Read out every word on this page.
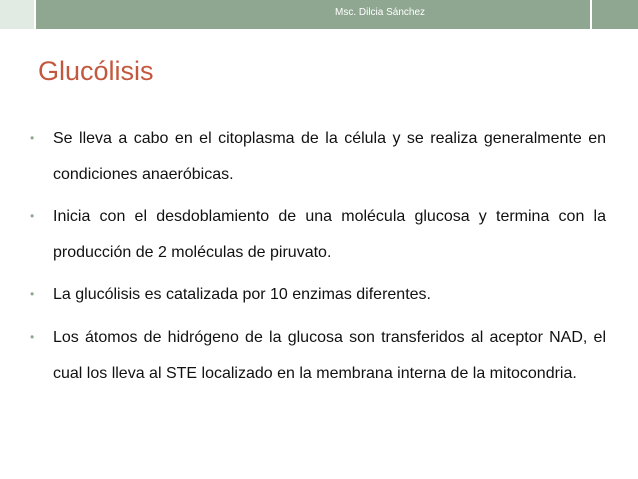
Msc. Dilcia Sánchez
Glucólisis
• Se lleva a cabo en el citoplasma de la célula y se realiza generalmente en condiciones anaeróbicas.
• Inicia con el desdoblamiento de una molécula glucosa y termina con la producción de 2 moléculas de piruvato.
• La glucólisis es catalizada por 10 enzimas diferentes.
• Los átomos de hidrógeno de la glucosa son transferidos al aceptor NAD, el cual los lleva al STE localizado en la membrana interna de la mitocondria.
